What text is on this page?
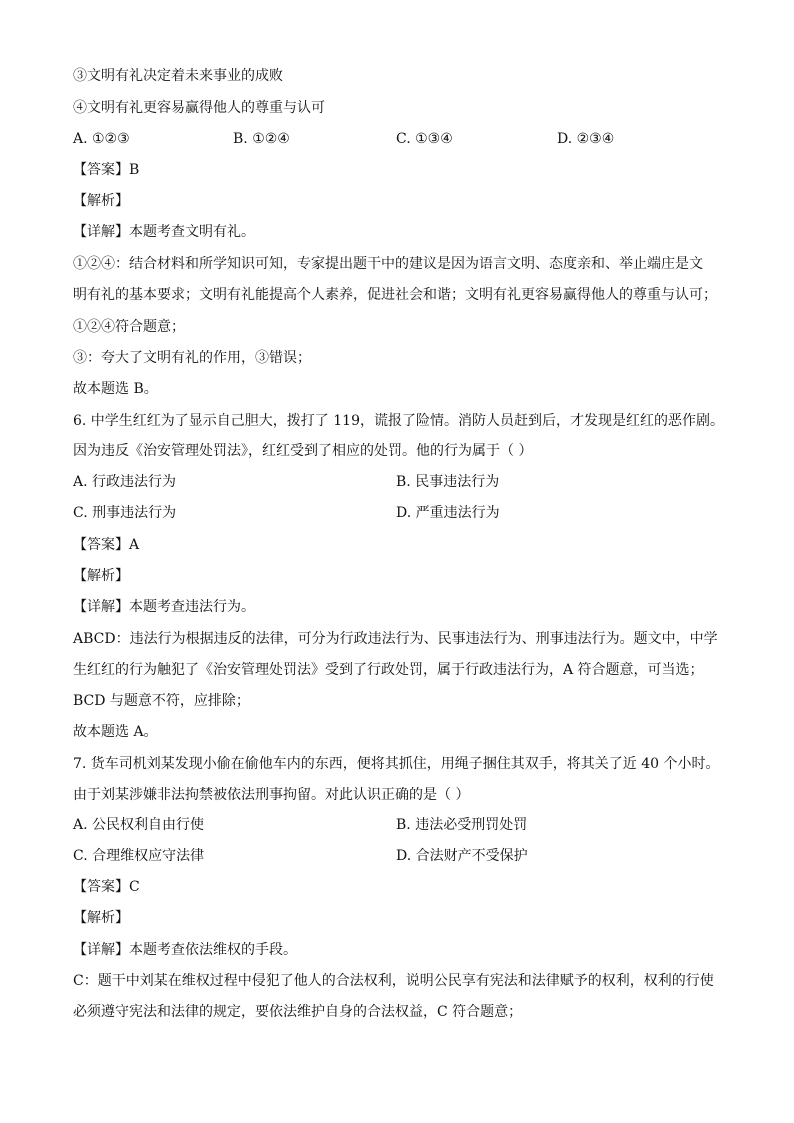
③文明有礼决定着未来事业的成败
④文明有礼更容易赢得他人的尊重与认可
A. ①②③	B. ①②④	C. ①③④	D. ②③④
【答案】B
【解析】
【详解】本题考查文明有礼。
①②④：结合材料和所学知识可知，专家提出题干中的建议是因为语言文明、态度亲和、举止端庄是文
明有礼的基本要求；文明有礼能提高个人素养，促进社会和谐；文明有礼更容易赢得他人的尊重与认可；
①②④符合题意；
③：夸大了文明有礼的作用，③错误；
故本题选 B。
6. 中学生红红为了显示自己胆大，拨打了 119，谎报了险情。消防人员赶到后，才发现是红红的恶作剧。
因为违反《治安管理处罚法》，红红受到了相应的处罚。他的行为属于（ ）
A. 行政违法行为	B. 民事违法行为
C. 刑事违法行为	D. 严重违法行为
【答案】A
【解析】
【详解】本题考查违法行为。
ABCD：违法行为根据违反的法律，可分为行政违法行为、民事违法行为、刑事违法行为。题文中，中学
生红红的行为触犯了《治安管理处罚法》受到了行政处罚，属于行政违法行为，A 符合题意，可当选；
BCD 与题意不符，应排除；
故本题选 A。
7. 货车司机刘某发现小偷在偷他车内的东西，便将其抓住，用绳子捆住其双手，将其关了近 40 个小时。
由于刘某涉嫌非法拘禁被依法刑事拘留。对此认识正确的是（ ）
A. 公民权利自由行使	B. 违法必受刑罚处罚
C. 合理维权应守法律	D. 合法财产不受保护
【答案】C
【解析】
【详解】本题考查依法维权的手段。
C：题干中刘某在维权过程中侵犯了他人的合法权利，说明公民享有宪法和法律赋予的权利，权利的行使
必须遵守宪法和法律的规定，要依法维护自身的合法权益，C 符合题意；
